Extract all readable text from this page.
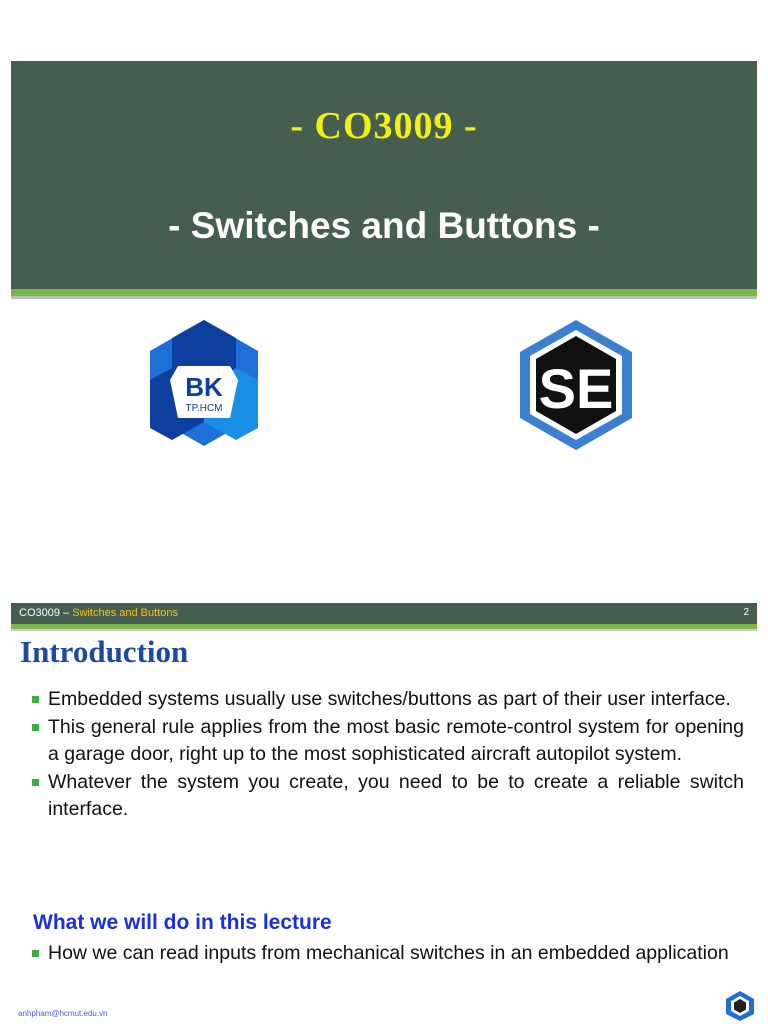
- CO3009 -
- Switches and Buttons -
BK
TP.HCM	SE
CO3009 – Switches and Buttons	2
Introduction
Embedded systems usually use switches/buttons as part of their user interface.
This general rule applies from the most basic remote-control system for opening a garage door, right up to the most sophisticated aircraft autopilot system.
Whatever the system you create, you need to be to create a reliable switch interface.
What we will do in this lecture
How we can read inputs from mechanical switches in an embedded application
anhpham@hcmut.edu.vn
